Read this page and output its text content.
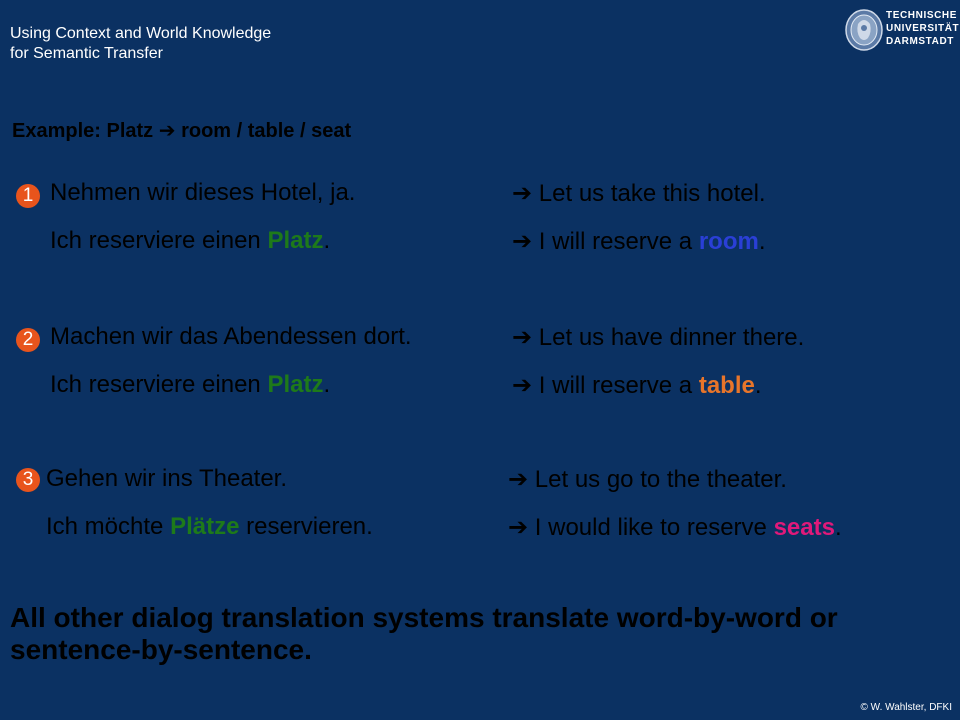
Using Context and World Knowledge
for Semantic Transfer
TECHNISCHE
UNIVERSITÄT
DARMSTADT
Example: Platz ➔ room / table / seat
1 Nehmen wir dieses Hotel, ja.	➔ Let us take this hotel.
Ich reserviere einen Platz.	➔ I will reserve a room.
2 Machen wir das Abendessen dort.	➔ Let us have dinner there.
Ich reserviere einen Platz.	➔ I will reserve a table.
3 Gehen wir ins Theater.	➔ Let us go to the theater.
Ich möchte Plätze reservieren.	➔ I would like to reserve seats.
All other dialog translation systems translate word-by-word or sentence-by-sentence.
© W. Wahlster, DFKI
